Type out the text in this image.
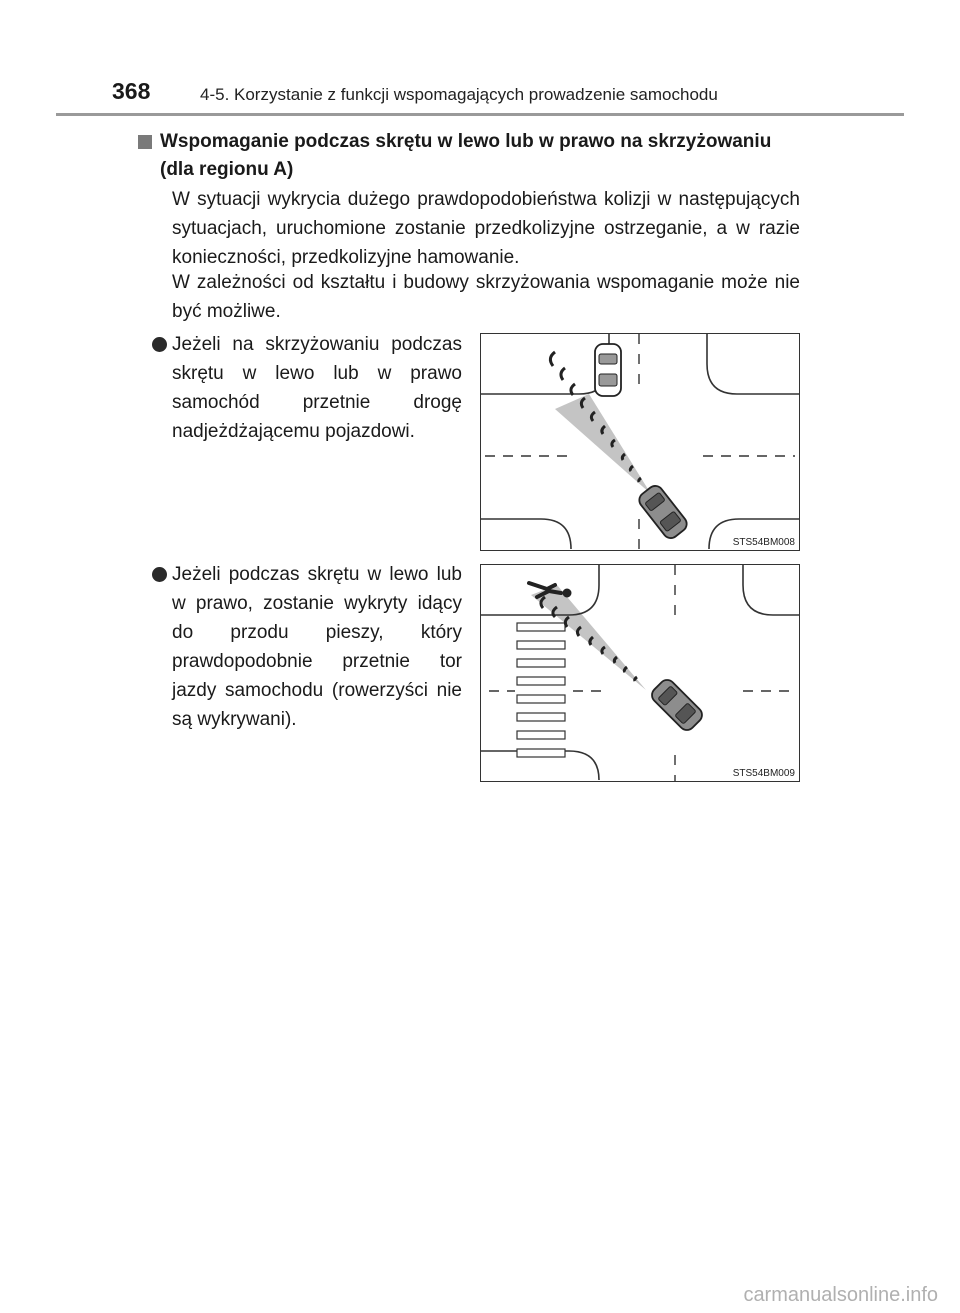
368	4-5. Korzystanie z funkcji wspomagających prowadzenie samochodu
Wspomaganie podczas skrętu w lewo lub w prawo na skrzyżowaniu (dla regionu A)
W sytuacji wykrycia dużego prawdopodobieństwa kolizji w następujących sytuacjach, uruchomione zostanie przedkolizyjne ostrzeganie, a w razie konieczności, przedkolizyjne hamowanie.
W zależności od kształtu i budowy skrzyżowania wspomaganie może nie być możliwe.
Jeżeli na skrzyżowaniu podczas skrętu w lewo lub w prawo samochód przetnie drogę nadjeżdżającemu pojazdowi.
STS54BM008
Jeżeli podczas skrętu w lewo lub w prawo, zostanie wykryty idący do przodu pieszy, który prawdopodobnie przetnie tor jazdy samochodu (rowerzyści nie są wykrywani).
STS54BM009
carmanualsonline.info
